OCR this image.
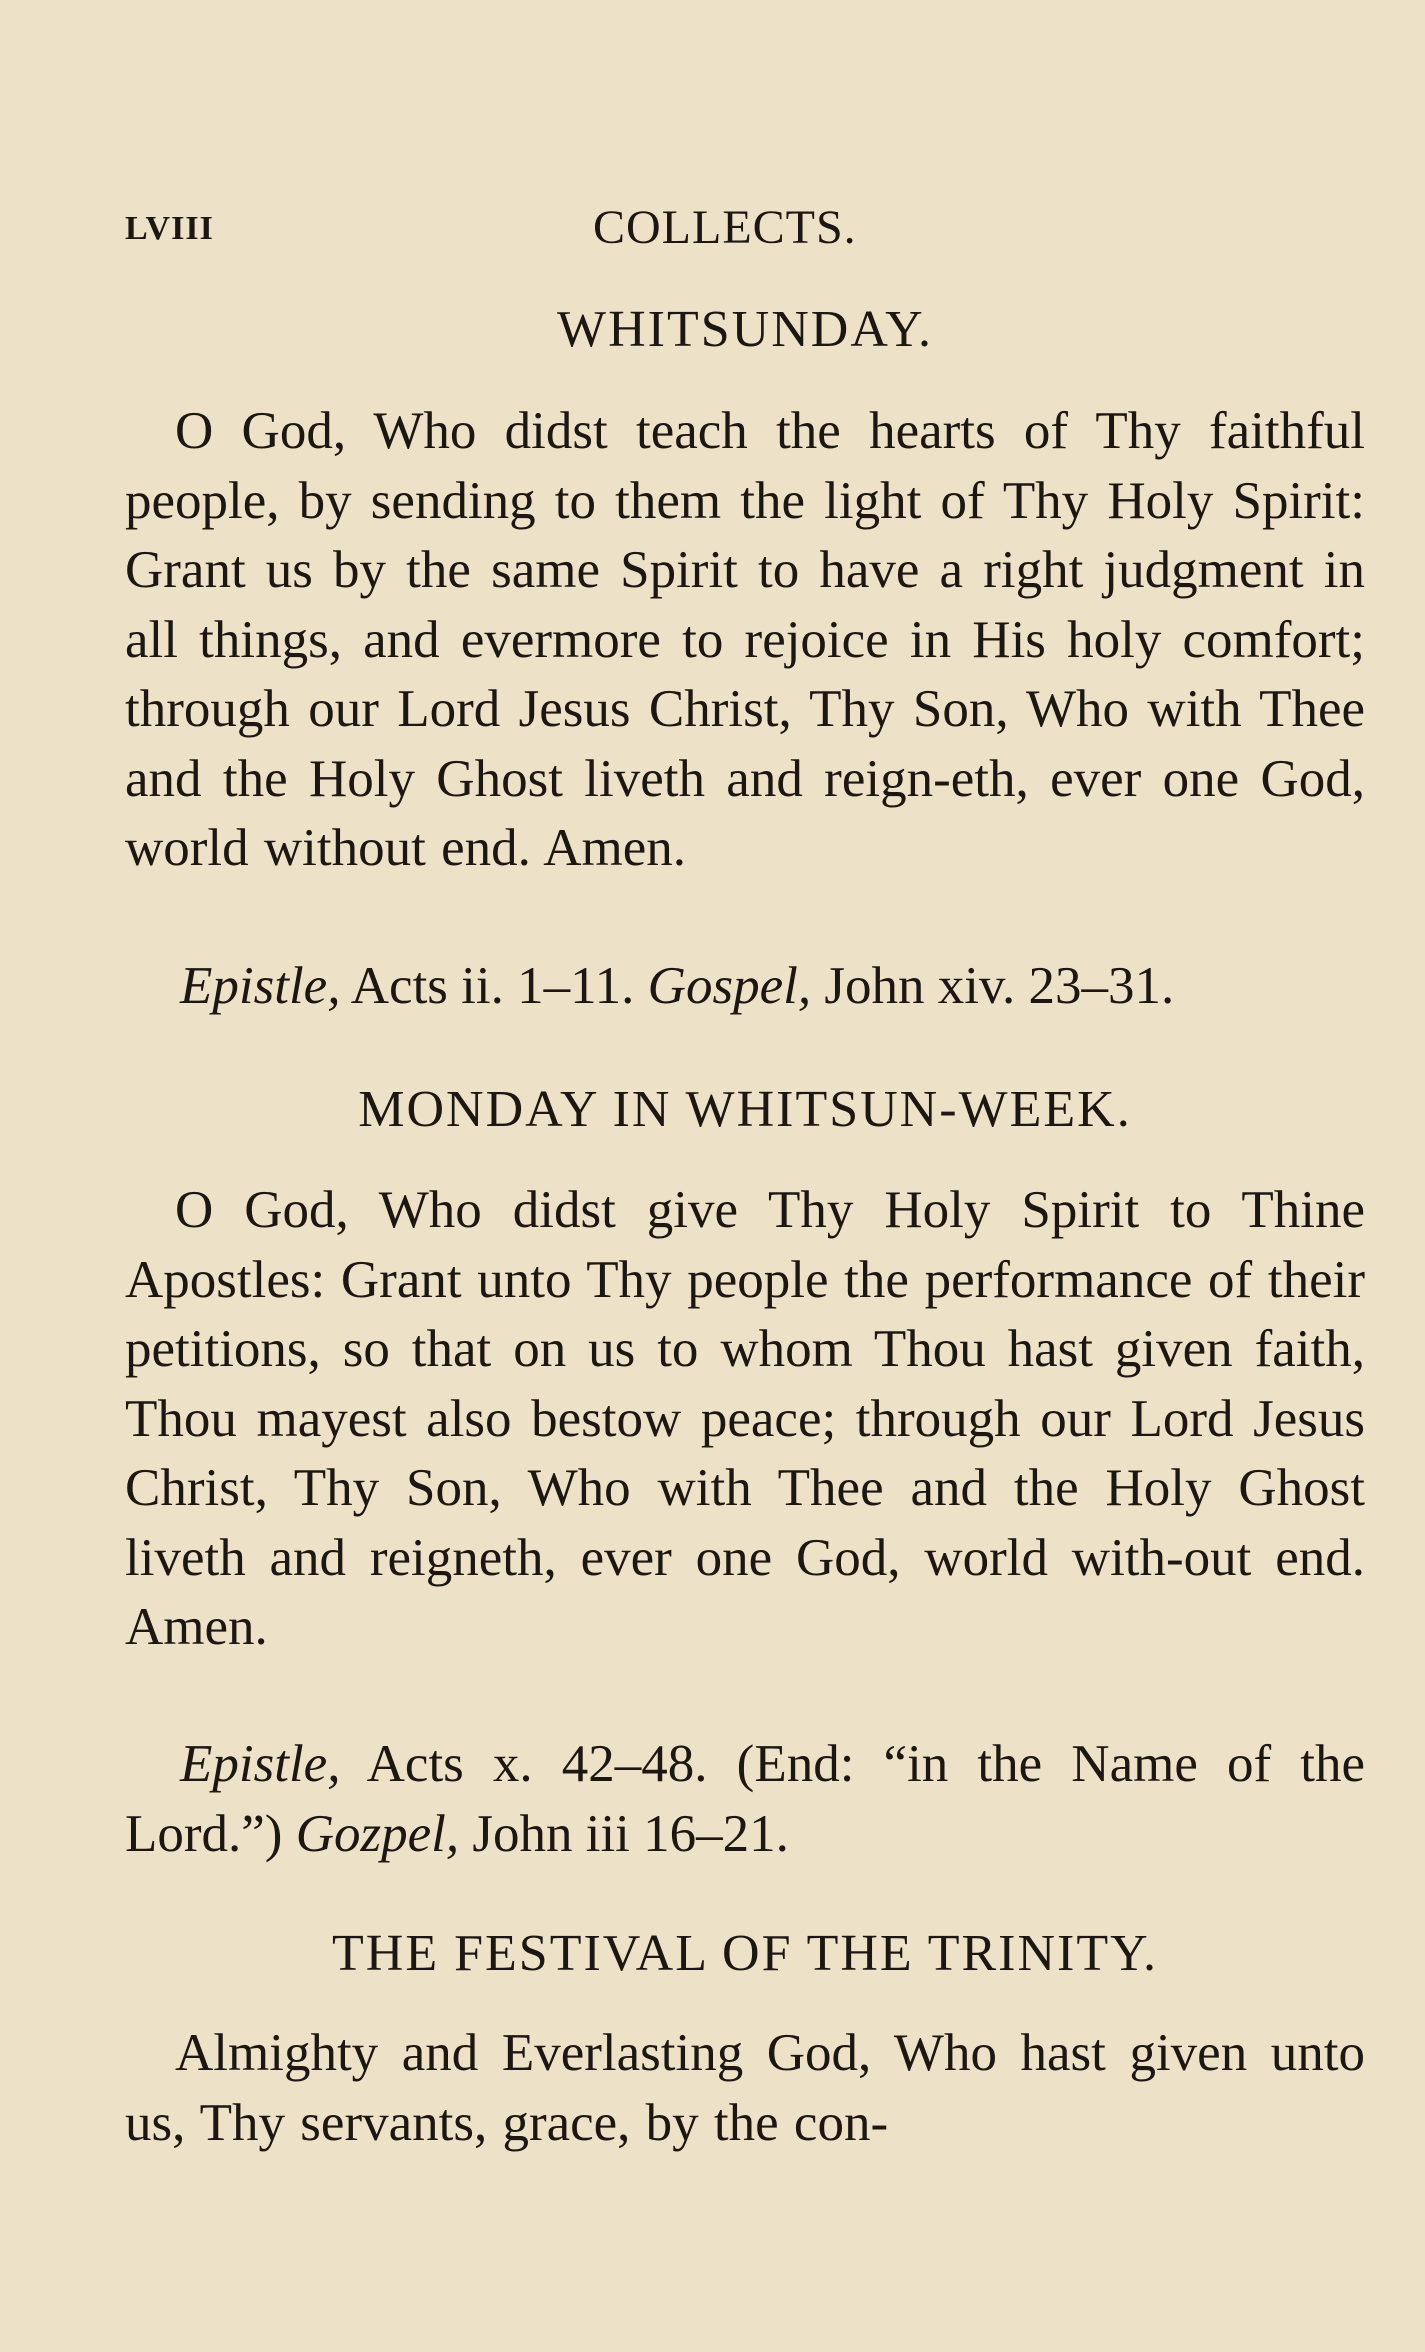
LVIII	COLLECTS.
WHITSUNDAY.
O God, Who didst teach the hearts of Thy faithful people, by sending to them the light of Thy Holy Spirit: Grant us by the same Spirit to have a right judgment in all things, and evermore to rejoice in His holy comfort; through our Lord Jesus Christ, Thy Son, Who with Thee and the Holy Ghost liveth and reign-eth, ever one God, world without end. Amen.
Epistle, Acts ii. 1–11. Gospel, John xiv. 23–31.
MONDAY IN WHITSUN-WEEK.
O God, Who didst give Thy Holy Spirit to Thine Apostles: Grant unto Thy people the performance of their petitions, so that on us to whom Thou hast given faith, Thou mayest also bestow peace; through our Lord Jesus Christ, Thy Son, Who with Thee and the Holy Ghost liveth and reigneth, ever one God, world with-out end. Amen.
Epistle, Acts x. 42–48. (End: “in the Name of the Lord.”) Gozpel, John iii 16–21.
THE FESTIVAL OF THE TRINITY.
Almighty and Everlasting God, Who hast given unto us, Thy servants, grace, by the con-
